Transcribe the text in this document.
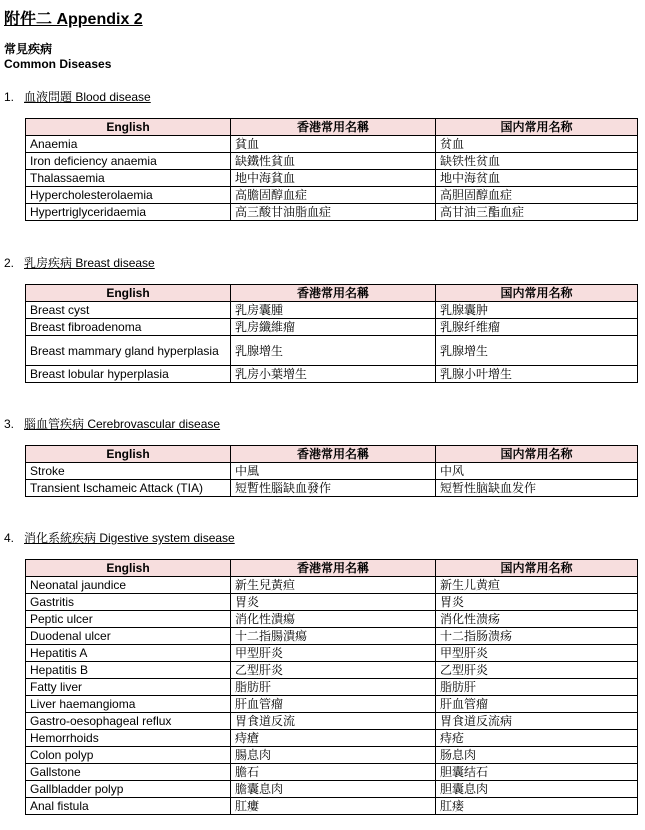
附件二 Appendix 2
常見疾病
Common Diseases
1. 血液問題 Blood disease
English	香港常用名稱	国内常用名称
Anaemia	貧血	贫血
Iron deficiency anaemia	缺鐵性貧血	缺铁性贫血
Thalassaemia	地中海貧血	地中海贫血
Hypercholesterolaemia	高膽固醇血症	高胆固醇血症
Hypertriglyceridaemia	高三酸甘油脂血症	高甘油三酯血症
2. 乳房疾病 Breast disease
English	香港常用名稱	国内常用名称
Breast cyst	乳房囊腫	乳腺囊肿
Breast fibroadenoma	乳房纖維瘤	乳腺纤维瘤
Breast mammary gland hyperplasia	乳腺增生	乳腺增生
Breast lobular hyperplasia	乳房小葉增生	乳腺小叶增生
3. 腦血管疾病 Cerebrovascular disease
English	香港常用名稱	国内常用名称
Stroke	中風	中风
Transient Ischameic Attack (TIA)	短暫性腦缺血發作	短暂性脑缺血发作
4. 消化系統疾病 Digestive system disease
English	香港常用名稱	国内常用名称
Neonatal jaundice	新生兒黃疸	新生儿黄疸
Gastritis	胃炎	胃炎
Peptic ulcer	消化性潰瘍	消化性溃疡
Duodenal ulcer	十二指腸潰瘍	十二指肠溃疡
Hepatitis A	甲型肝炎	甲型肝炎
Hepatitis B	乙型肝炎	乙型肝炎
Fatty liver	脂肪肝	脂肪肝
Liver haemangioma	肝血管瘤	肝血管瘤
Gastro-oesophageal reflux	胃食道反流	胃食道反流病
Hemorrhoids	痔瘡	痔疮
Colon polyp	腸息肉	肠息肉
Gallstone	膽石	胆囊结石
Gallbladder polyp	膽囊息肉	胆囊息肉
Anal fistula	肛瘻	肛瘘
